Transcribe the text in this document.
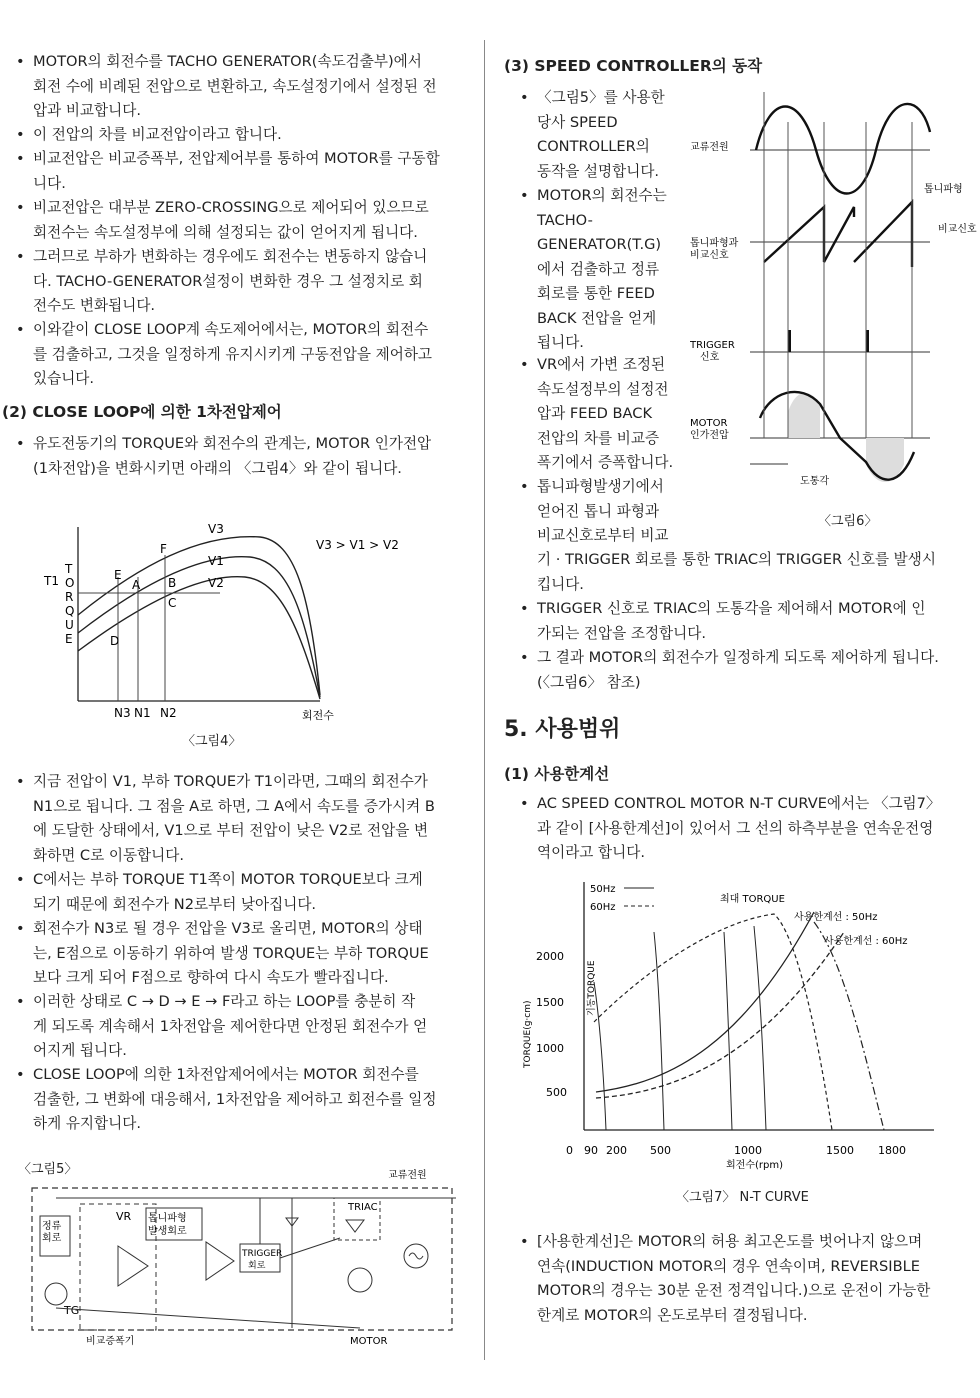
• MOTOR의 회전수를 TACHO GENERATOR(속도검출부)에서
회전 수에 비례된 전압으로 변환하고, 속도설정기에서 설정된 전
압과 비교합니다.
• 이 전압의 차를 비교전압이라고 합니다.
• 비교전압은 비교증폭부, 전압제어부를 통하여 MOTOR를 구동합
니다.
• 비교전압은 대부분 ZERO-CROSSING으로 제어되어 있으므로
회전수는 속도설정부에 의해 설정되는 값이 얻어지게 됩니다.
• 그러므로 부하가 변화하는 경우에도 회전수는 변동하지 않습니
다. TACHO-GENERATOR설정이 변화한 경우 그 설정치로 회
전수도 변화됩니다.
• 이와같이 CLOSE LOOP계 속도제어에서는, MOTOR의 회전수
를 검출하고, 그것을 일정하게 유지시키게 구동전압을 제어하고
있습니다.
(2) CLOSE LOOP에 의한 1차전압제어
• 유도전동기의 TORQUE와 회전수의 관계는, MOTOR 인가전압
(1차전압)을 변화시키면 아래의 〈그림4〉와 같이 됩니다.
T
O
R
Q
U
E
T1
V3
V1
V2
F
E
A B
C
D
N3 N1 N2	회전수
V3 > V1 > V2
〈그림4〉
• 지금 전압이 V1, 부하 TORQUE가 T1이라면, 그때의 회전수가
N1으로 됩니다. 그 점을 A로 하면, 그 A에서 속도를 증가시켜 B
에 도달한 상태에서, V1으로 부터 전압이 낮은 V2로 전압을 변
화하면 C로 이동합니다.
• C에서는 부하 TORQUE T1쪽이 MOTOR TORQUE보다 크게
되기 때문에 회전수가 N2로부터 낮아집니다.
• 회전수가 N3로 될 경우 전압을 V3로 올리면, MOTOR의 상태
는, E점으로 이동하기 위하여 발생 TORQUE는 부하 TORQUE
보다 크게 되어 F점으로 향하여 다시 속도가 빨라집니다.
• 이러한 상태로 C → D → E → F라고 하는 LOOP를 충분히 작
게 되도록 계속해서 1차전압을 제어한다면 안정된 회전수가 얻
어지게 됩니다.
• CLOSE LOOP에 의한 1차전압제어에서는 MOTOR 회전수를
검출한, 그 변화에 대응해서, 1차전압을 제어하고 회전수를 일정
하게 유지합니다.
〈그림5〉
정류
회로
TG
VR 톱니파형
발생회로
TRIGGER
회로
TRIAC
교류전원
비교증폭기	MOTOR
(3) SPEED CONTROLLER의 동작
• 〈그림5〉를 사용한
당사 SPEED
CONTROLLER의
동작을 설명합니다.
• MOTOR의 회전수는
TACHO-
GENERATOR(T.G)
에서 검출하고 정류
회로를 통한 FEED
BACK 전압을 얻게
됩니다.
• VR에서 가변 조정된
속도설정부의 설정전
압과 FEED BACK
전압의 차를 비교증
폭기에서 증폭합니다.
• 톱니파형발생기에서
얻어진 톱니 파형과
비교신호로부터 비교
기 · TRIGGER 회로를 통한 TRIAC의 TRIGGER 신호를 발생시
킵니다.
• TRIGGER 신호로 TRIAC의 도통각을 제어해서 MOTOR에 인
가되는 전압을 조정합니다.
• 그 결과 MOTOR의 회전수가 일정하게 되도록 제어하게 됩니다.
(〈그림6〉 참조)
교류전원
톱니파형과
비교신호
TRIGGER
신호
MOTOR
인가전압
톱니파형
비교신호
도통각
〈그림6〉
5. 사용범위
(1) 사용한계선
• AC SPEED CONTROL MOTOR N-T CURVE에서는 〈그림7〉
과 같이 [사용한계선]이 있어서 그 선의 하측부분을 연속운전영
역이라고 합니다.
2000
1500
1000
500
0 90 200 500	1000	1500 1800
TORQUE(g·cm)
기동TORQUE
회전수(rpm)
50Hz
60Hz
최대 TORQUE
사용한계선 : 50Hz
사용한계선 : 60Hz
〈그림7〉 N-T CURVE
• [사용한계선]은 MOTOR의 허용 최고온도를 벗어나지 않으며
연속(INDUCTION MOTOR의 경우 연속이며, REVERSIBLE
MOTOR의 경우는 30분 운전 정격입니다.)으로 운전이 가능한
한계로 MOTOR의 온도로부터 결정됩니다.
